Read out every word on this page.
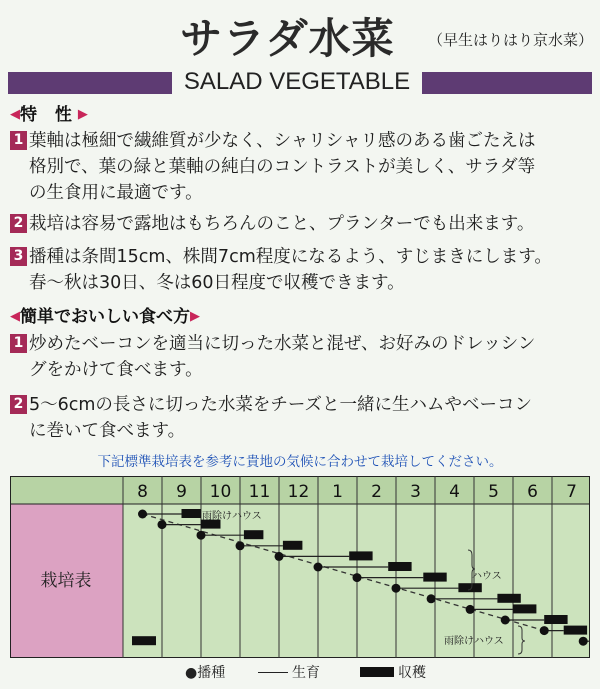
サラダ水菜 （早生はりはり京水菜）
SALAD VEGETABLE
◀特 性▶
1 葉軸は極細で繊維質が少なく、シャリシャリ感のある歯ごたえは
格別で、葉の緑と葉軸の純白のコントラストが美しく、サラダ等
の生食用に最適です。
2 栽培は容易で露地はもちろんのこと、プランターでも出来ます。
3 播種は条間15cm、株間7cm程度になるよう、すじまきにします。
春～秋は30日、冬は60日程度で収穫できます。
◀簡単でおいしい食べ方▶
1 炒めたベーコンを適当に切った水菜と混ぜ、お好みのドレッシン
グをかけて食べます。
2 5～6cmの長さに切った水菜をチーズと一緒に生ハムやベーコン
に巻いて食べます。
下記標準栽培表を参考に貴地の気候に合わせて栽培してください。
8 9 10 11 12 1 2 3 4 5 6 7
栽培表
雨除けハウス
ハウス
雨除けハウス
●播種	生育	収穫
